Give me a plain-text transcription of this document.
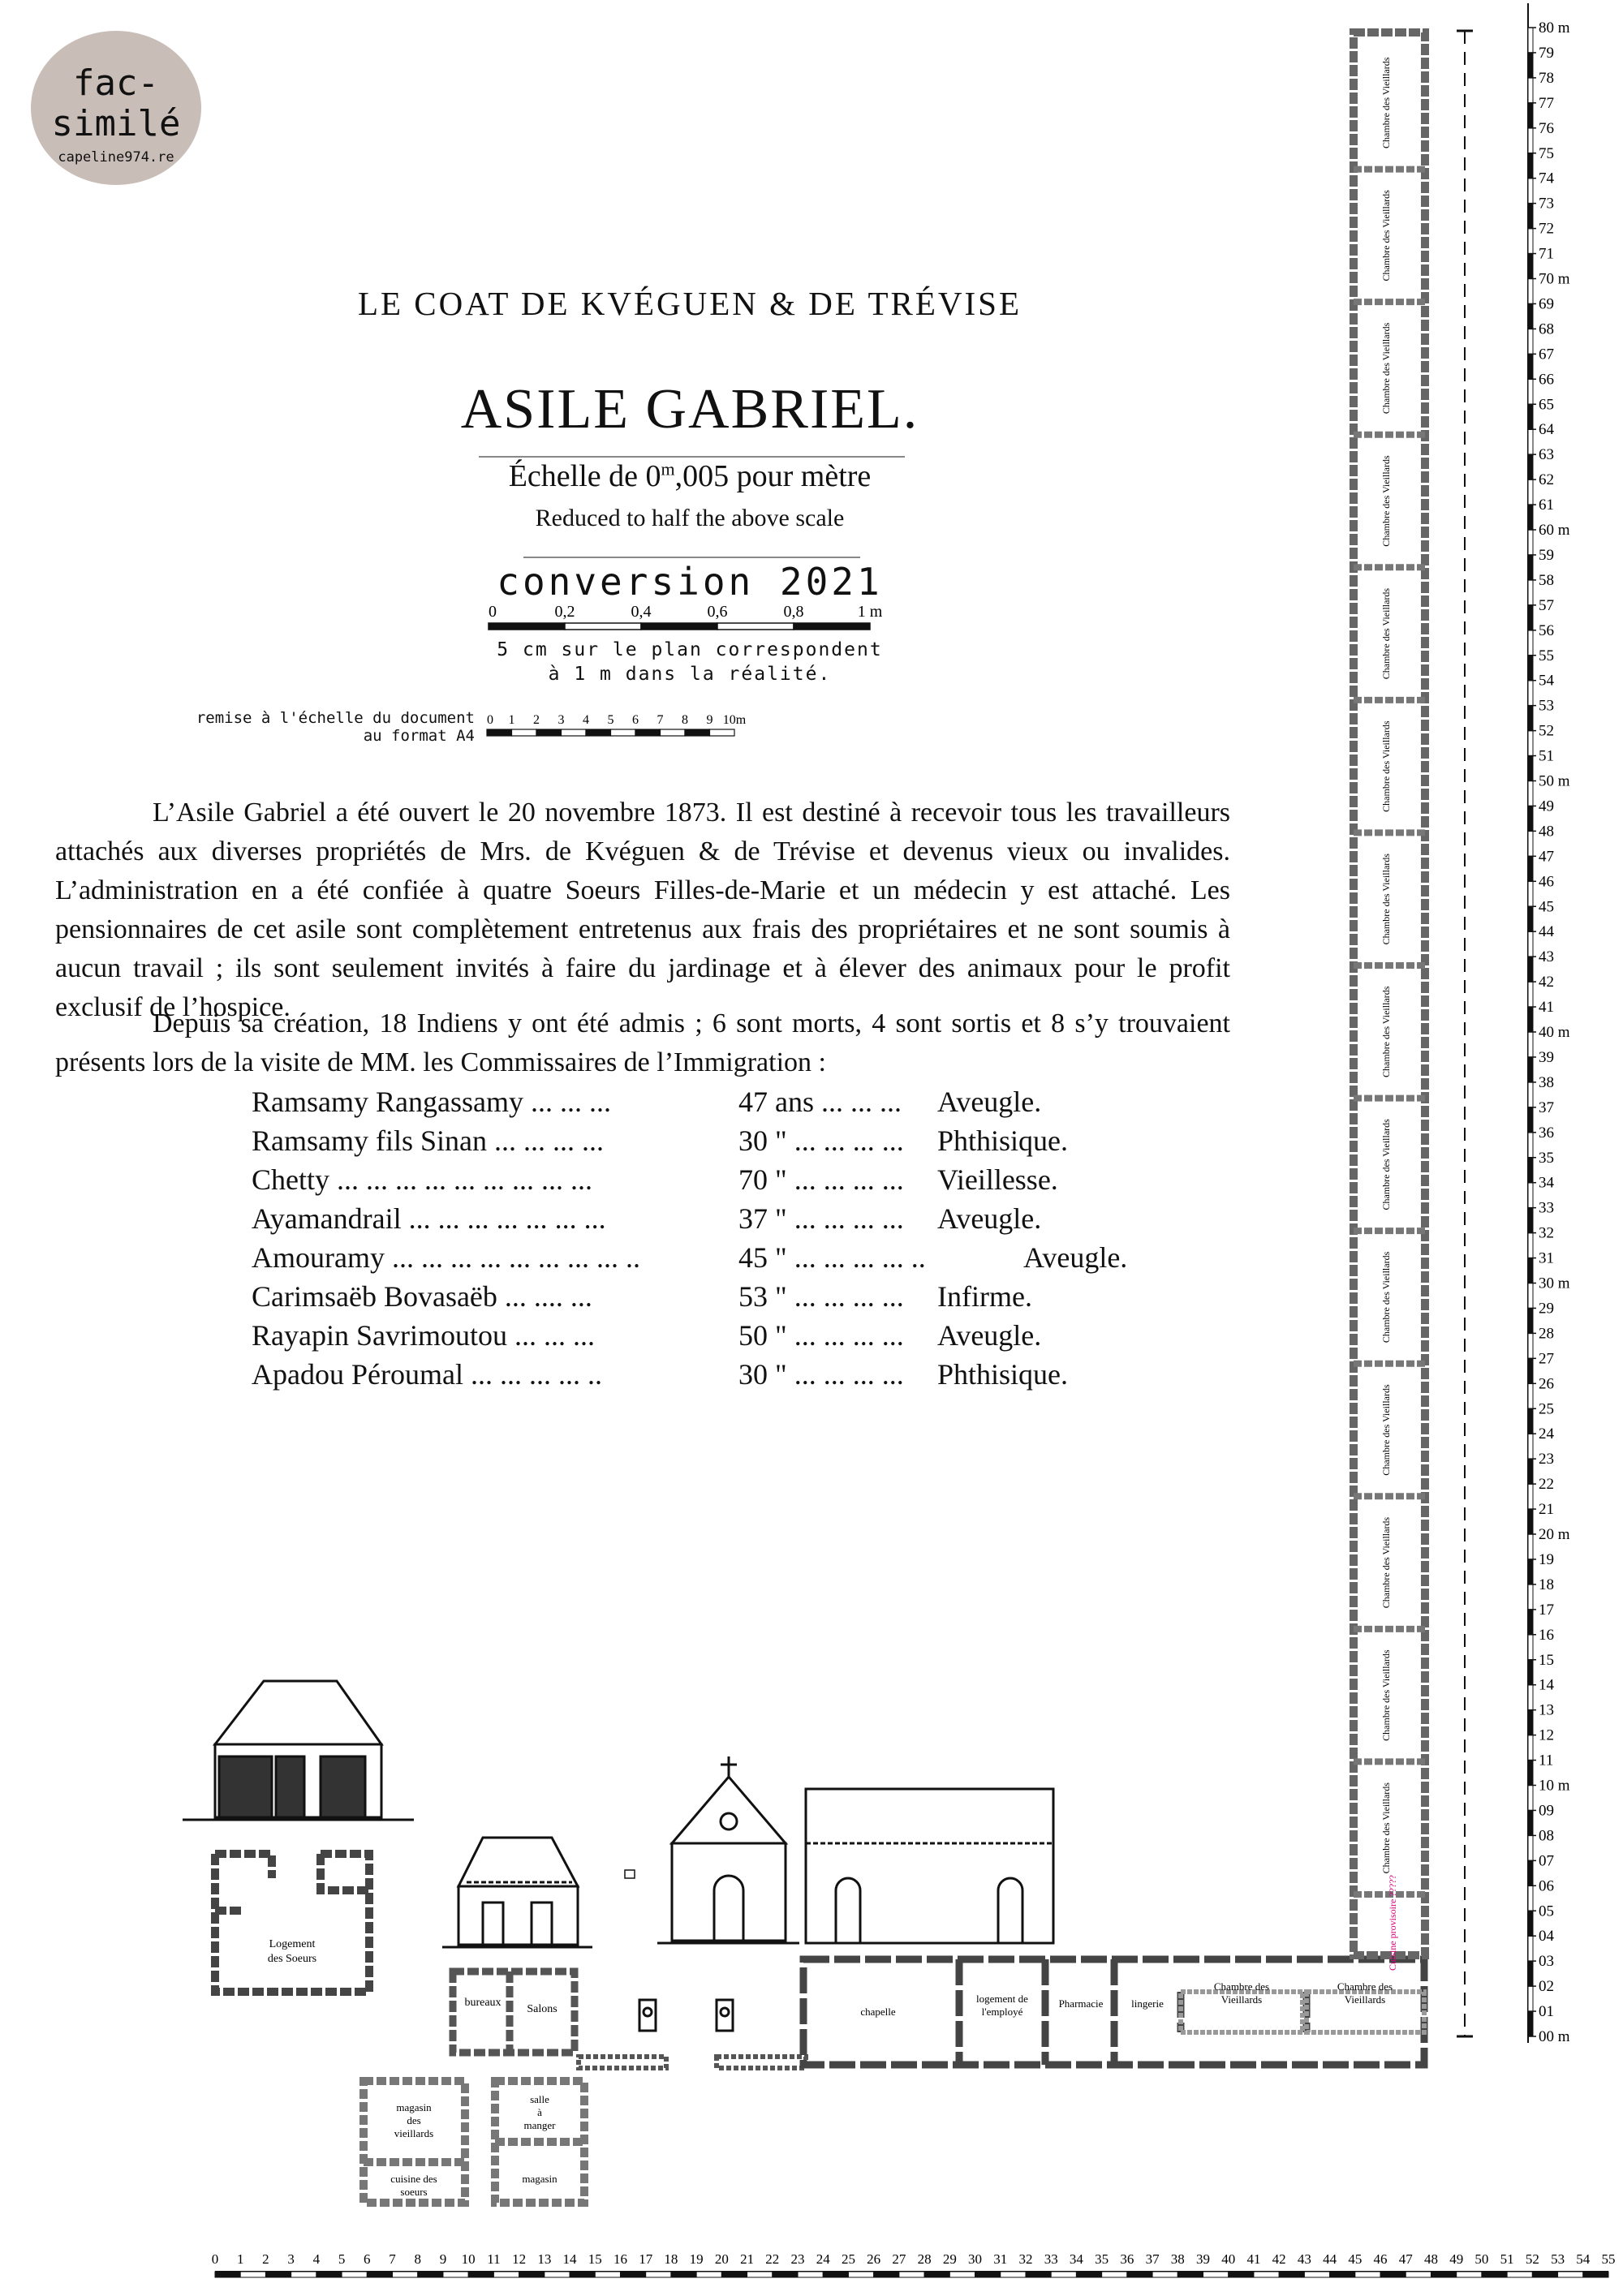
fac-
similé
capeline974.re
LE COAT DE KVÉGUEN & DE TRÉVISE
ASILE GABRIEL.
Échelle de 0$^m$,005 pour mètre
Reduced to half the above scale
conversion 2021
0	0,2	0,4	0,6	0,8	1 m
5 cm sur le plan correspondent
à 1 m dans la réalité.
remise à l'échelle du document
au format A4
0 1 2 3 4 5 6 7 8 9 10m
L’Asile Gabriel a été ouvert le 20 novembre 1873. Il est destiné à recevoir tous les travailleurs attachés aux diverses propriétés de Mrs. de Kvéguen & de Trévise et devenus vieux ou invalides. L’administration en a été confiée à quatre Soeurs Filles-de-Marie et un médecin y est attaché. Les pensionnaires de cet asile sont complètement entretenus aux frais des propriétaires et ne sont soumis à aucun travail ; ils sont seulement invités à faire du jardinage et à élever des animaux pour le profit exclusif de l’hospice.
Depuis sa création, 18 Indiens y ont été admis ; 6 sont morts, 4 sont sortis et 8 s’y trouvaient présents lors de la visite de MM. les Commissaires de l’Immigration :
Ramsamy Rangassamy ... ... ...	47 ans ... ... ... Aveugle.
Ramsamy fils Sinan ... ... ... ...	30 " ... ... ... ... Phthisique.
Chetty ... ... ... ... ... ... ... ... ...	70 " ... ... ... ... Vieillesse.
Ayamandrail ... ... ... ... ... ... ...	37 " ... ... ... ... Aveugle.
Amouramy ... ... ... ... ... ... ... ... ..	45 " ... ... ... ... .. Aveugle.
Carimsaëb Bovasaëb ... .... ...	53 " ... ... ... ... Infirme.
Rayapin Savrimoutou ... ... ...	50 " ... ... ... ... Aveugle.
Apadou Péroumal ... ... ... ... ..	30 " ... ... ... ... Phthisique.
Logement des Soeurs
bureaux
Salons
magasin des vieillards
salle à manger
cuisine des soeurs
magasin
chapelle
logement de l'employé
Pharmacie	lingerie
Chambre des Vieillards
Chambre des Vieillards
Chambre des Vieillards
Chambre des Vieillards
Chambre des Vieillards
Chambre des Vieillards
Chambre des Vieillards
Chambre des Vieillards
Chambre des Vieillards
Chambre des Vieillards
Chambre des Vieillards
Chambre des Vieillards
Chambre des Vieillards
Chambre des Vieillards
Chambre des Vieillards
Chambre des Vieillards
Cuisine provisoire ?????
00 m
01
02
03
04
05
06
07
08
09
10 m
11
12
13
14
15
16
17
18
19
20 m
21
22
23
24
25
26
27
28
29
30 m
31
32
33
34
35
36
37
38
39
40 m
41
42
43
44
45
46
47
48
49
50 m
51
52
53
54
55
56
57
58
59
60 m
61
62
63
64
65
66
67
68
69
70 m
71
72
73
74
75
76
77
78
79
80 m
0 1 2 3 4 5 6 7 8 9 10 11 12 13 14 15 16 17 18 19 20 21 22 23 24 25 26 27 28 29 30 31 32 33 34 35 36 37 38 39 40 41 42 43 44 45 46 47 48 49 50 51 52 53 54 55
